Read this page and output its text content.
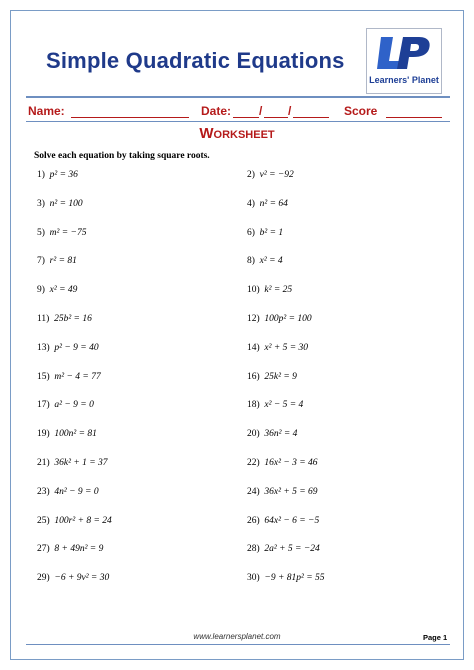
Simple Quadratic Equations
Learners' Planet
Name:	Date: / /	Score
Worksheet
Solve each equation by taking square roots.
1) p² = 36
3) n² = 100
5) m² = −75
7) r² = 81
9) x² = 49
11) 25b² = 16
13) p² − 9 = 40
15) m² − 4 = 77
17) a² − 9 = 0
19) 100n² = 81
21) 36k² + 1 = 37
23) 4n² − 9 = 0
25) 100r² + 8 = 24
27) 8 + 49n² = 9
29) −6 + 9v² = 30
2) v² = −92
4) n² = 64
6) b² = 1
8) x² = 4
10) k² = 25
12) 100p² = 100
14) x² + 5 = 30
16) 25k² = 9
18) x² − 5 = 4
20) 36n² = 4
22) 16x² − 3 = 46
24) 36x² + 5 = 69
26) 64x² − 6 = −5
28) 2a² + 5 = −24
30) −9 + 81p² = 55
www.learnersplanet.com	Page 1
